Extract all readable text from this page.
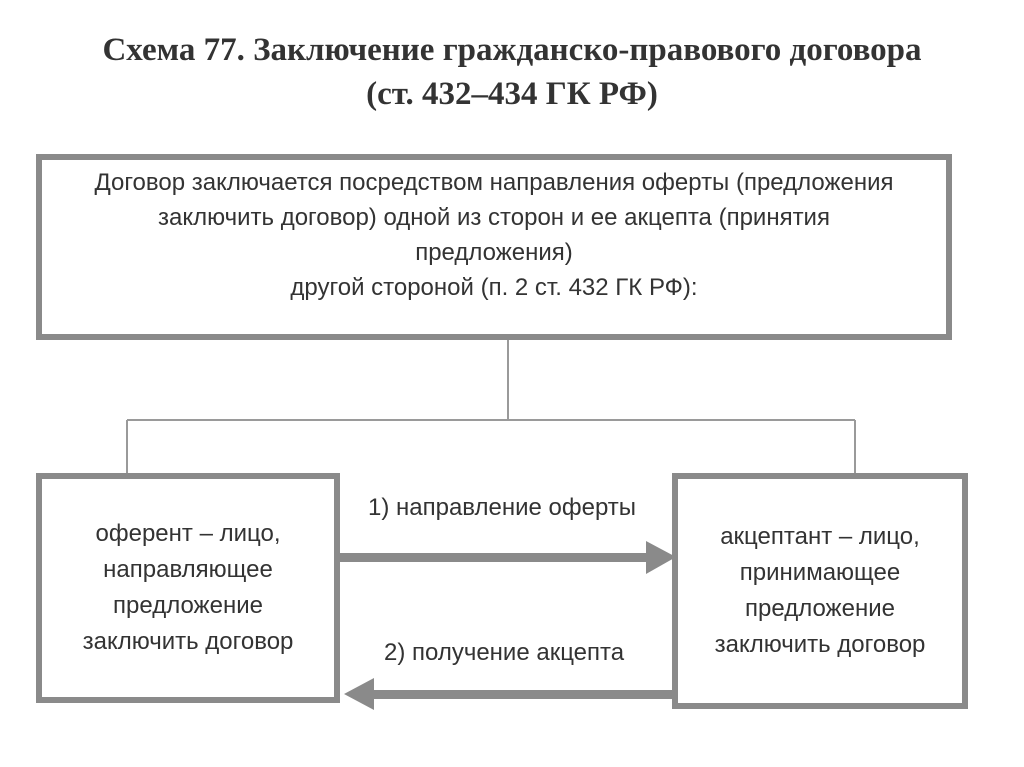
Схема 77. Заключение гражданско-правового договора
(ст. 432–434 ГК РФ)
Договор заключается посредством направления оферты (предложения
заключить договор) одной из сторон и ее акцепта (принятия предложения)
другой стороной (п. 2 ст. 432 ГК РФ):
оферент – лицо,
направляющее
предложение
заключить договор
акцептант – лицо,
принимающее
предложение
заключить договор
1) направление оферты
2) получение акцепта
